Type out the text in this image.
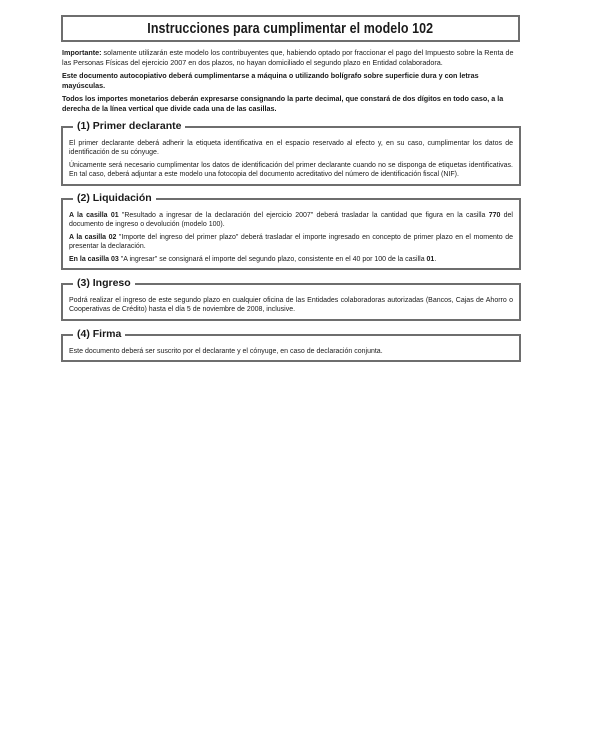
Instrucciones para cumplimentar el modelo 102

Importante: solamente utilizarán este modelo los contribuyentes que, habiendo optado por fraccionar el pago del Impuesto sobre la Renta de las Personas Físicas del ejercicio 2007 en dos plazos, no hayan domiciliado el segundo plazo en Entidad colaboradora.

Este documento autocopiativo deberá cumplimentarse a máquina o utilizando bolígrafo sobre superficie dura y con letras mayúsculas.

Todos los importes monetarios deberán expresarse consignando la parte decimal, que constará de dos dígitos en todo caso, a la derecha de la línea vertical que divide cada una de las casillas.

(1) Primer declarante

El primer declarante deberá adherir la etiqueta identificativa en el espacio reservado al efecto y, en su caso, cumplimentar los datos de identificación de su cónyuge.

Únicamente será necesario cumplimentar los datos de identificación del primer declarante cuando no se disponga de etiquetas identificativas. En tal caso, deberá adjuntar a este modelo una fotocopia del documento acreditativo del número de identificación fiscal (NIF).

(2) Liquidación

A la casilla 01 "Resultado a ingresar de la declaración del ejercicio 2007" deberá trasladar la cantidad que figura en la casilla 770 del documento de ingreso o devolución (modelo 100).

A la casilla 02 "Importe del ingreso del primer plazo" deberá trasladar el importe ingresado en concepto de primer plazo en el momento de presentar la declaración.

En la casilla 03 "A ingresar" se consignará el importe del segundo plazo, consistente en el 40 por 100 de la casilla 01.

(3) Ingreso

Podrá realizar el ingreso de este segundo plazo en cualquier oficina de las Entidades colaboradoras autorizadas (Bancos, Cajas de Ahorro o Cooperativas de Crédito) hasta el día 5 de noviembre de 2008, inclusive.

(4) Firma

Este documento deberá ser suscrito por el declarante y el cónyuge, en caso de declaración conjunta.
